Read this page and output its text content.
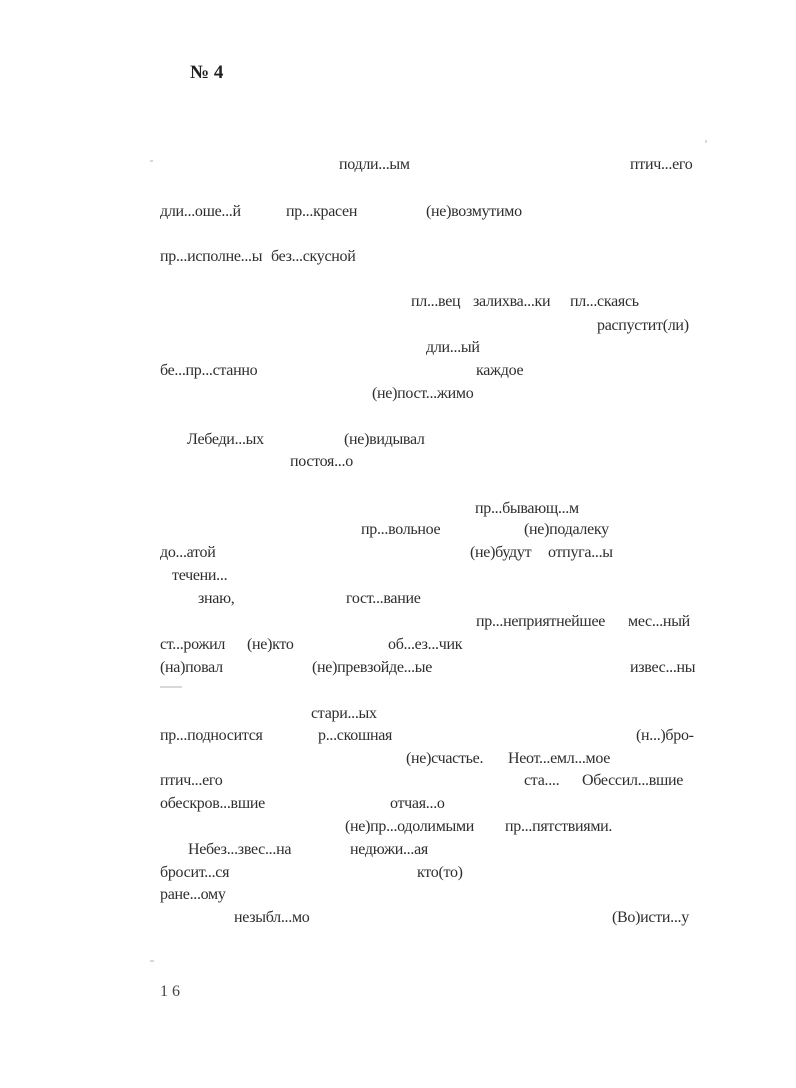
№ 4
подли...ым	птич...его
дли...оше...й	пр...красен	(не)возмутимо
пр...исполне...ы без...скусной
пл...вец залихва...ки пл...скаясь
распустит(ли)
дли...ый
бе...пр...станно	каждое
(не)пост...жимо
Лебеди...ых	(не)видывал
постоя...о
пр...бывающ...м
пр...вольное	(не)подалеку
до...атой	(не)будут отпуга...ы
течени...
знаю,	гост...вание
пр...неприятнейшее мес...ный
ст...рожил (не)кто	об...ез...чик
(на)повал	(не)превзойде...ые	извес...ны
стари...ых
пр...подносится	р...скошная	(н...)бро-
(не)счастье. Неот...емл...мое
птич...его	ста.... Обессил...вшие
обескров...вшие	отчая...о
(не)пр...одолимыми пр...пятствиями.
Небез...звес...на	недюжи...ая
бросит...ся	кто(то)
ране...ому
незыбл...мо	(Во)исти...у
1 6
